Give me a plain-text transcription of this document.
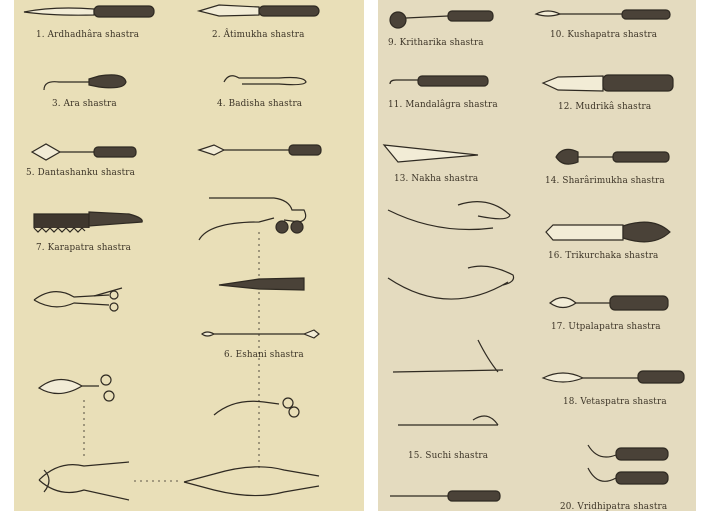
1. Ardhadhâra shastra	2. Âtimukha shastra
3. Ara shastra	4. Badisha shastra
5. Dantashanku shastra
6. Eshani shastra
7. Karapatra shastra
9. Kritharika shastra
10. Kushapatra shastra
11. Mandalâgra shastra	12. Mudrikâ shastra
13. Nakha shastra	14. Sharârimukha shastra
16. Trikurchaka shastra
17. Utpalapatra shastra
18. Vetaspatra shastra
15. Suchi shastra
20. Vridhipatra shastra
